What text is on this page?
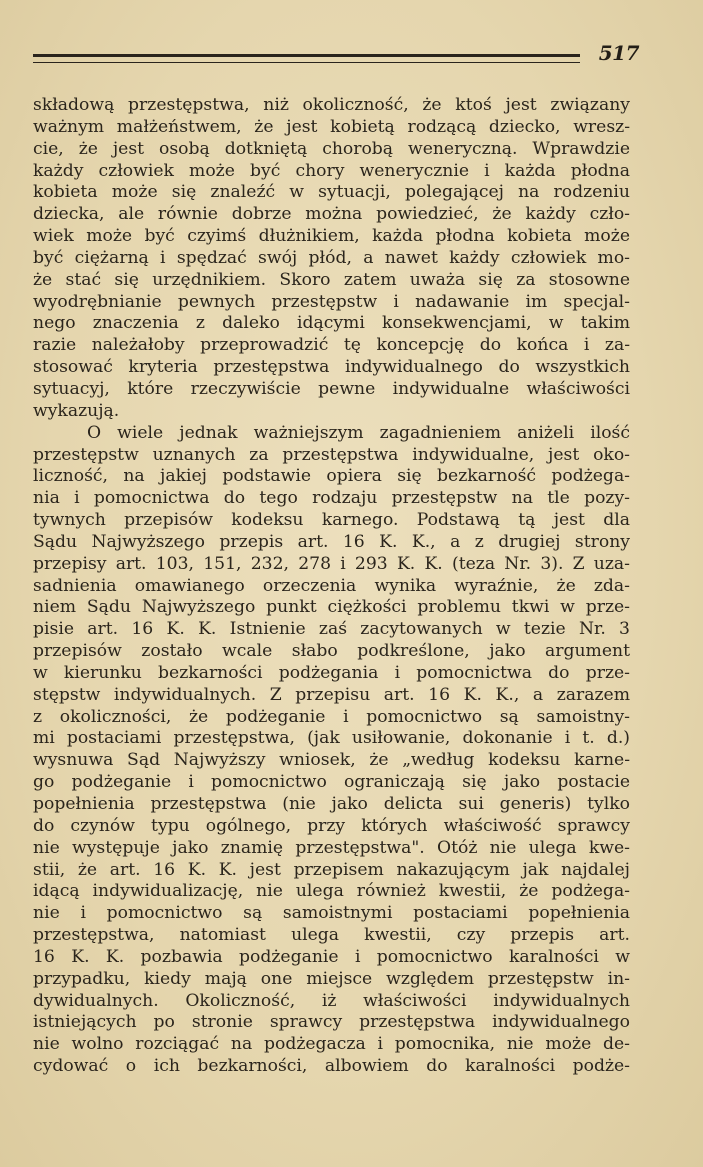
517
składową przestępstwa, niż okoliczność, że ktoś jest związany
ważnym małżeństwem, że jest kobietą rodzącą dziecko, wresz-
cie, że jest osobą dotkniętą chorobą weneryczną. Wprawdzie
każdy człowiek może być chory wenerycznie i każda płodna
kobieta może się znaleźć w sytuacji, polegającej na rodzeniu
dziecka, ale równie dobrze można powiedzieć, że każdy czło-
wiek może być czyimś dłużnikiem, każda płodna kobieta może
być ciężarną i spędzać swój płód, a nawet każdy człowiek mo-
że stać się urzędnikiem. Skoro zatem uważa się za stosowne
wyodrębnianie pewnych przestępstw i nadawanie im specjal-
nego znaczenia z daleko idącymi konsekwencjami, w takim
razie należałoby przeprowadzić tę koncepcję do końca i za-
stosować kryteria przestępstwa indywidualnego do wszystkich
sytuacyj, które rzeczywiście pewne indywidualne właściwości
wykazują.
O wiele jednak ważniejszym zagadnieniem aniżeli ilość
przestępstw uznanych za przestępstwa indywidualne, jest oko-
liczność, na jakiej podstawie opiera się bezkarność podżega-
nia i pomocnictwa do tego rodzaju przestępstw na tle pozy-
tywnych przepisów kodeksu karnego. Podstawą tą jest dla
Sądu Najwyższego przepis art. 16 K. K., a z drugiej strony
przepisy art. 103, 151, 232, 278 i 293 K. K. (teza Nr. 3). Z uza-
sadnienia omawianego orzeczenia wynika wyraźnie, że zda-
niem Sądu Najwyższego punkt ciężkości problemu tkwi w prze-
pisie art. 16 K. K. Istnienie zaś zacytowanych w tezie Nr. 3
przepisów zostało wcale słabo podkreślone, jako argument
w kierunku bezkarności podżegania i pomocnictwa do prze-
stępstw indywidualnych. Z przepisu art. 16 K. K., a zarazem
z okoliczności, że podżeganie i pomocnictwo są samoistny-
mi postaciami przestępstwa, (jak usiłowanie, dokonanie i t. d.)
wysnuwa Sąd Najwyższy wniosek, że „według kodeksu karne-
go podżeganie i pomocnictwo ograniczają się jako postacie
popełnienia przestępstwa (nie jako delicta sui generis) tylko
do czynów typu ogólnego, przy których właściwość sprawcy
nie występuje jako znamię przestępstwa". Otóż nie ulega kwe-
stii, że art. 16 K. K. jest przepisem nakazującym jak najdalej
idącą indywidualizację, nie ulega również kwestii, że podżega-
nie i pomocnictwo są samoistnymi postaciami popełnienia
przestępstwa, natomiast ulega kwestii, czy przepis art.
16 K. K. pozbawia podżeganie i pomocnictwo karalności w
przypadku, kiedy mają one miejsce względem przestępstw in-
dywidualnych. Okoliczność, iż właściwości indywidualnych
istniejących po stronie sprawcy przestępstwa indywidualnego
nie wolno rozciągać na podżegacza i pomocnika, nie może de-
cydować o ich bezkarności, albowiem do karalności podże-
